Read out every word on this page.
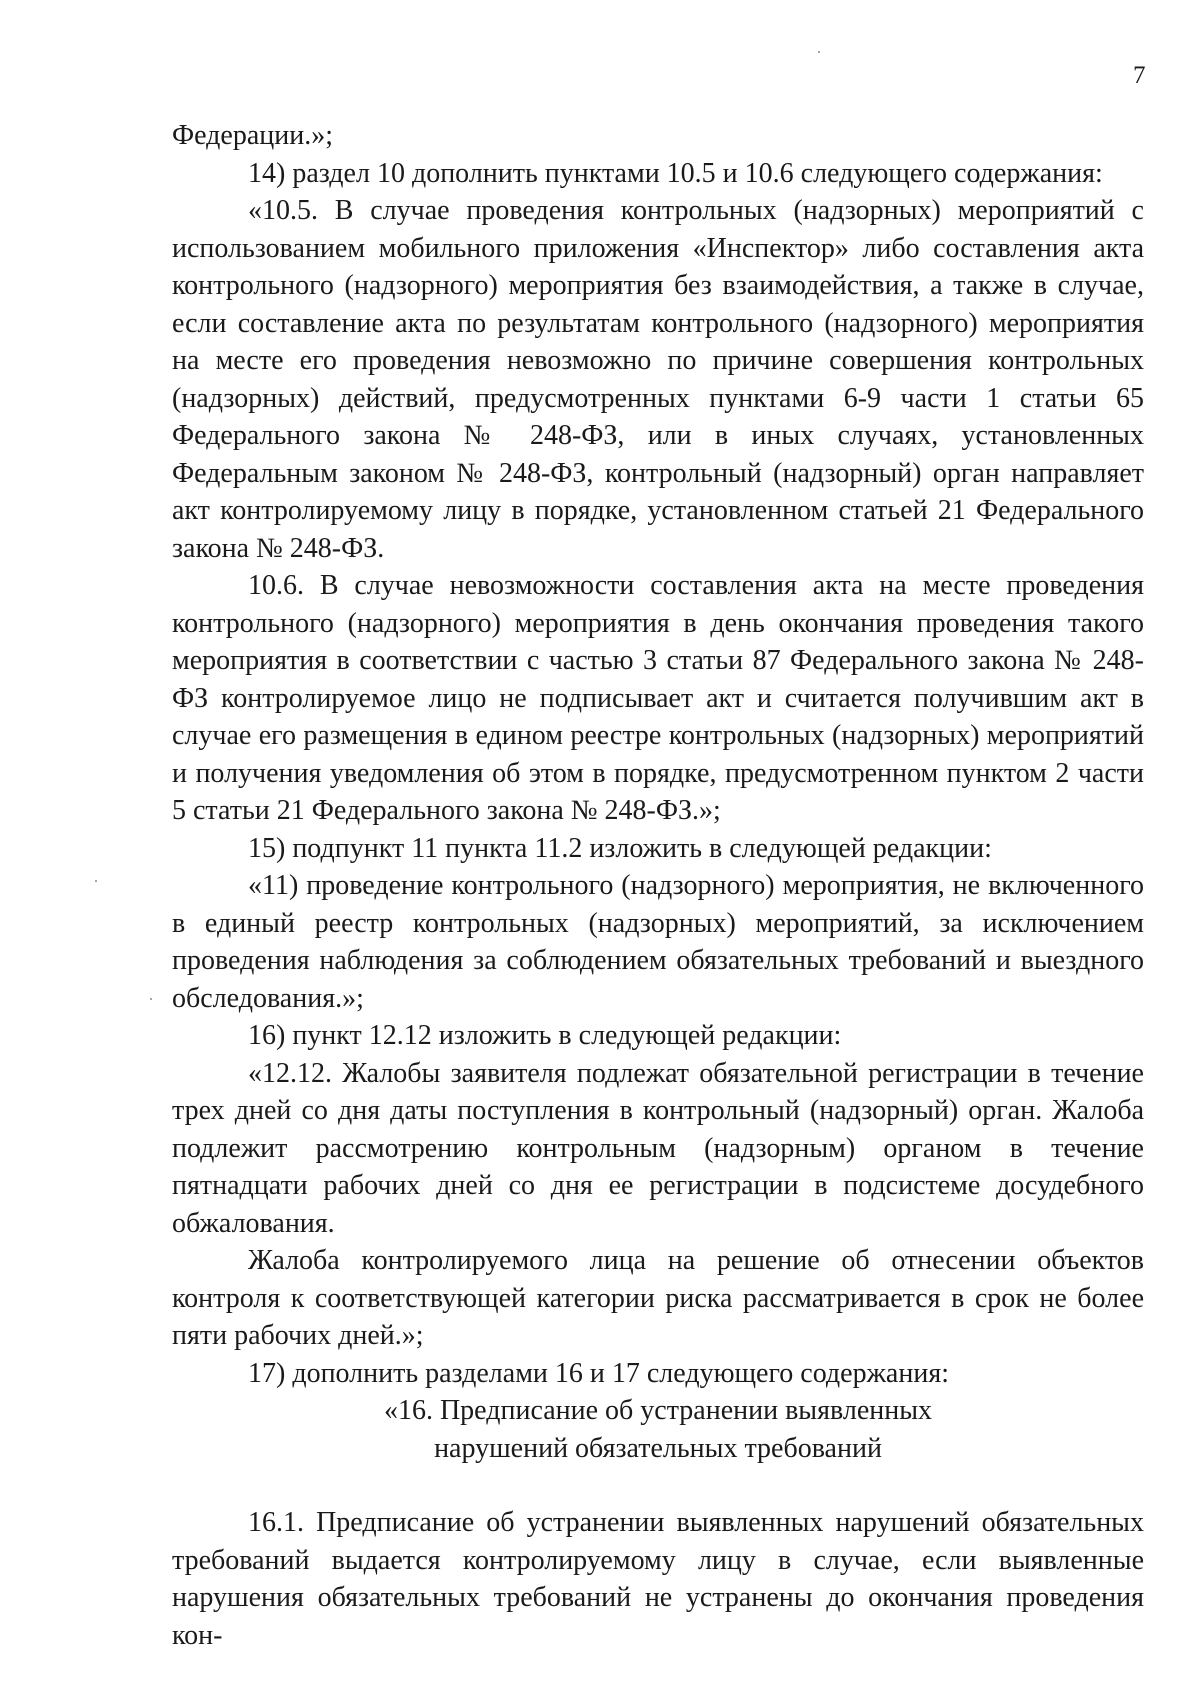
7

Федерации.»;

14) раздел 10 дополнить пунктами 10.5 и 10.6 следующего содержания:

«10.5. В случае проведения контрольных (надзорных) мероприятий с использованием мобильного приложения «Инспектор» либо составления акта контрольного (надзорного) мероприятия без взаимодействия, а также в случае, если составление акта по результатам контрольного (надзорного) мероприятия на месте его проведения невозможно по причине совершения контрольных (надзорных) действий, предусмотренных пунктами 6-9 части 1 статьи 65 Федерального закона № 248-ФЗ, или в иных случаях, установленных Федеральным законом № 248-ФЗ, контрольный (надзорный) орган направляет акт контролируемому лицу в порядке, установленном статьей 21 Федерального закона № 248-ФЗ.

10.6. В случае невозможности составления акта на месте проведения контрольного (надзорного) мероприятия в день окончания проведения такого мероприятия в соответствии с частью 3 статьи 87 Федерального закона № 248-ФЗ контролируемое лицо не подписывает акт и считается получившим акт в случае его размещения в едином реестре контрольных (надзорных) мероприятий и получения уведомления об этом в порядке, предусмотренном пунктом 2 части 5 статьи 21 Федерального закона № 248-ФЗ.»;

15) подпункт 11 пункта 11.2 изложить в следующей редакции:

«11) проведение контрольного (надзорного) мероприятия, не включенного в единый реестр контрольных (надзорных) мероприятий, за исключением проведения наблюдения за соблюдением обязательных требований и выездного обследования.»;

16) пункт 12.12 изложить в следующей редакции:

«12.12. Жалобы заявителя подлежат обязательной регистрации в течение трех дней со дня даты поступления в контрольный (надзорный) орган. Жалоба подлежит рассмотрению контрольным (надзорным) органом в течение пятнадцати рабочих дней со дня ее регистрации в подсистеме досудебного обжалования.

Жалоба контролируемого лица на решение об отнесении объектов контроля к соответствующей категории риска рассматривается в срок не более пяти рабочих дней.»;

17) дополнить разделами 16 и 17 следующего содержания:

«16. Предписание об устранении выявленных
нарушений обязательных требований

16.1. Предписание об устранении выявленных нарушений обязательных требований выдается контролируемому лицу в случае, если выявленные нарушения обязательных требований не устранены до окончания проведения кон-
